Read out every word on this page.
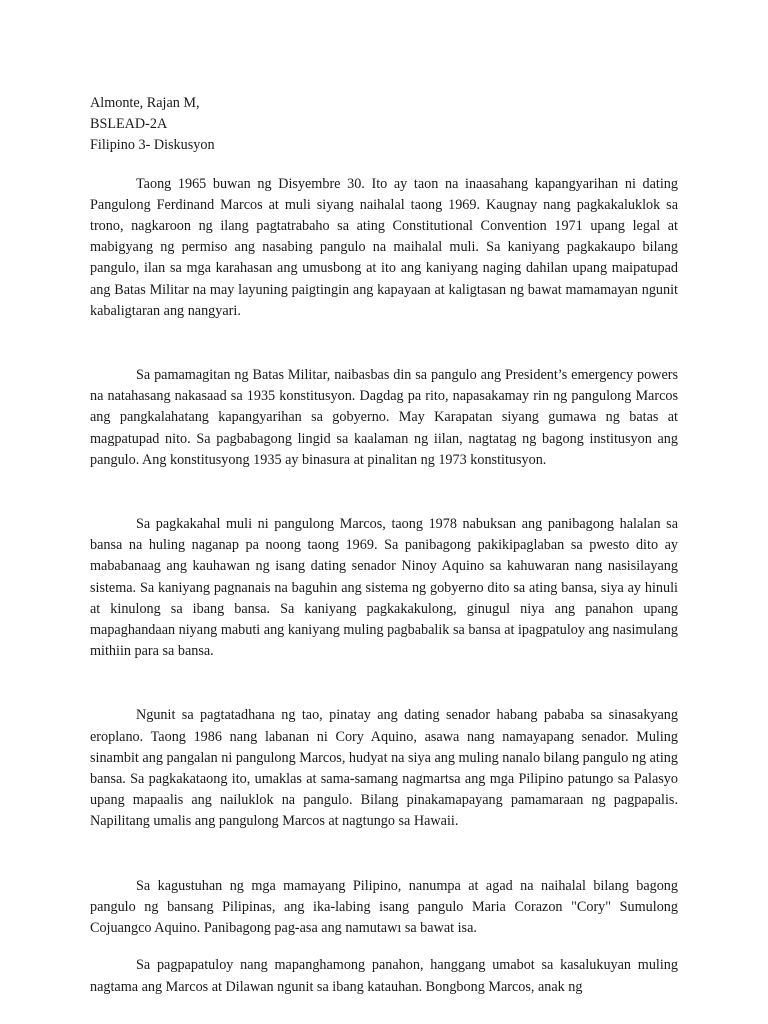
Almonte, Rajan M,

BSLEAD-2A

Filipino 3- Diskusyon

Taong 1965 buwan ng Disyembre 30. Ito ay taon na inaasahang kapangyarihan ni dating Pangulong Ferdinand Marcos at muli siyang naihalal taong 1969. Kaugnay nang pagkakaluklok sa trono, nagkaroon ng ilang pagtatrabaho sa ating Constitutional Convention 1971 upang legal at mabigyang ng permiso ang nasabing pangulo na maihalal muli. Sa kaniyang pagkakaupo bilang pangulo, ilan sa mga karahasan ang umusbong at ito ang kaniyang naging dahilan upang maipatupad ang Batas Militar na may layuning paigtingin ang kapayaan at kaligtasan ng bawat mamamayan ngunit kabaligtaran ang nangyari.

Sa pamamagitan ng Batas Militar, naibasbas din sa pangulo ang President’s emergency powers na natahasang nakasaad sa 1935 konstitusyon. Dagdag pa rito, napasakamay rin ng pangulong Marcos ang pangkalahatang kapangyarihan sa gobyerno. May Karapatan siyang gumawa ng batas at magpatupad nito. Sa pagbabagong lingid sa kaalaman ng iilan, nagtatag ng bagong institusyon ang pangulo. Ang konstitusyong 1935 ay binasura at pinalitan ng 1973 konstitusyon.

Sa pagkakahal muli ni pangulong Marcos, taong 1978 nabuksan ang panibagong halalan sa bansa na huling naganap pa noong taong 1969. Sa panibagong pakikipaglaban sa pwesto dito ay mababanaag ang kauhawan ng isang dating senador Ninoy Aquino sa kahuwaran nang nasisilayang sistema. Sa kaniyang pagnanais na baguhin ang sistema ng gobyerno dito sa ating bansa, siya ay hinuli at kinulong sa ibang bansa. Sa kaniyang pagkakakulong, ginugul niya ang panahon upang mapaghandaan niyang mabuti ang kaniyang muling pagbabalik sa bansa at ipagpatuloy ang nasimulang mithiin para sa bansa.

Ngunit sa pagtatadhana ng tao, pinatay ang dating senador habang pababa sa sinasakyang eroplano. Taong 1986 nang labanan ni Cory Aquino, asawa nang namayapang senador. Muling sinambit ang pangalan ni pangulong Marcos, hudyat na siya ang muling nanalo bilang pangulo ng ating bansa. Sa pagkakataong ito, umaklas at sama-samang nagmartsa ang mga Pilipino patungo sa Palasyo upang mapaalis ang nailuklok na pangulo. Bilang pinakamapayang pamamaraan ng pagpapalis. Napilitang umalis ang pangulong Marcos at nagtungo sa Hawaii.

Sa kagustuhan ng mga mamayang Pilipino, nanumpa at agad na naihalal bilang bagong pangulo ng bansang Pilipinas, ang ika-labing isang pangulo Maria Corazon "Cory" Sumulong Cojuangco Aquino. Panibagong pag-asa ang namutawı sa bawat isa.

Sa pagpapatuloy nang mapanghamong panahon, hanggang umabot sa kasalukuyan muling nagtama ang Marcos at Dilawan ngunit sa ibang katauhan. Bongbong Marcos, anak ng
